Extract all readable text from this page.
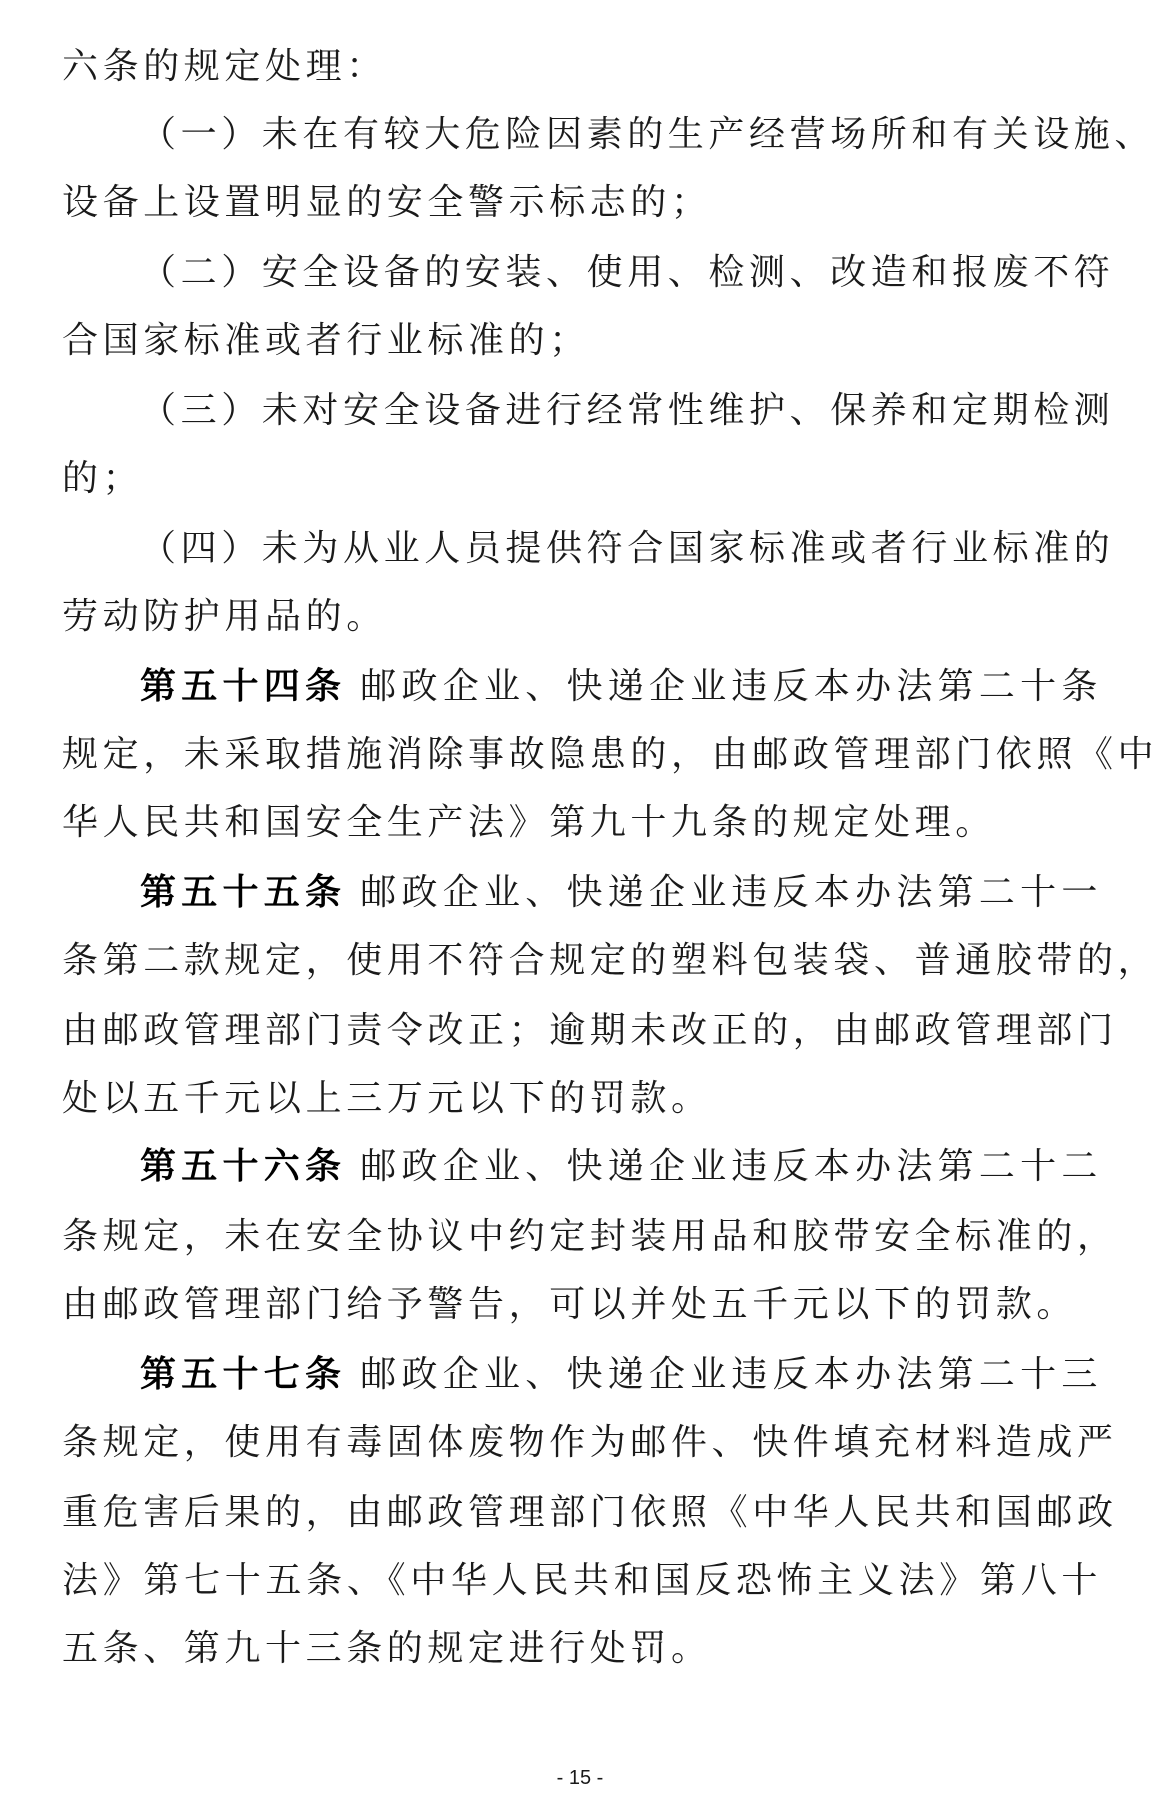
六条的规定处理：
（一）未在有较大危险因素的生产经营场所和有关设施、
设备上设置明显的安全警示标志的；
（二）安全设备的安装、使用、检测、改造和报废不符
合国家标准或者行业标准的；
（三）未对安全设备进行经常性维护、保养和定期检测
的；
（四）未为从业人员提供符合国家标准或者行业标准的
劳动防护用品的。
第五十四条 邮政企业、快递企业违反本办法第二十条
规定，未采取措施消除事故隐患的，由邮政管理部门依照《中
华人民共和国安全生产法》第九十九条的规定处理。
第五十五条 邮政企业、快递企业违反本办法第二十一
条第二款规定，使用不符合规定的塑料包装袋、普通胶带的，
由邮政管理部门责令改正；逾期未改正的，由邮政管理部门
处以五千元以上三万元以下的罚款。
第五十六条 邮政企业、快递企业违反本办法第二十二
条规定，未在安全协议中约定封装用品和胶带安全标准的，
由邮政管理部门给予警告，可以并处五千元以下的罚款。
第五十七条 邮政企业、快递企业违反本办法第二十三
条规定，使用有毒固体废物作为邮件、快件填充材料造成严
重危害后果的，由邮政管理部门依照《中华人民共和国邮政
法》第七十五条、《中华人民共和国反恐怖主义法》第八十
五条、第九十三条的规定进行处罚。
- 15 -
